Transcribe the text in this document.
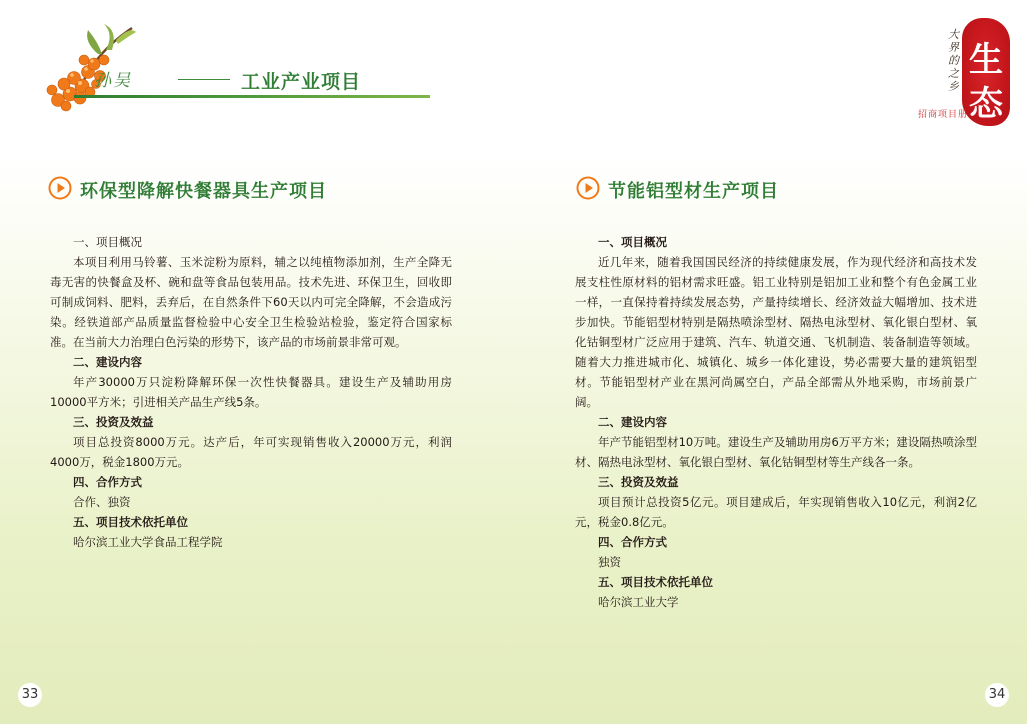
孙吴	工业产业项目
大界的之乡
生
态
招商项目册
环保型降解快餐器具生产项目

一、项目概况

本项目利用马铃薯、玉米淀粉为原料，辅之以纯植物添加剂，生产全降无毒无害的快餐盒及杯、碗和盘等食品包装用品。技术先进、环保卫生，回收即可制成饲料、肥料，丢弃后，在自然条件下60天以内可完全降解，不会造成污染。经铁道部产品质量监督检验中心安全卫生检验站检验，鉴定符合国家标准。在当前大力治理白色污染的形势下，该产品的市场前景非常可观。

二、建设内容

年产30000万只淀粉降解环保一次性快餐器具。建设生产及辅助用房10000平方米；引进相关产品生产线5条。

三、投资及效益

项目总投资8000万元。达产后，年可实现销售收入20000万元，利润4000万，税金1800万元。

四、合作方式

合作、独资

五、项目技术依托单位

哈尔滨工业大学食品工程学院

33
节能铝型材生产项目

一、项目概况

近几年来，随着我国国民经济的持续健康发展，作为现代经济和高技术发展支柱性原材料的铝材需求旺盛。铝工业特别是铝加工业和整个有色金属工业一样，一直保持着持续发展态势，产量持续增长、经济效益大幅增加、技术进步加快。节能铝型材特别是隔热喷涂型材、隔热电泳型材、氧化银白型材、氧化钴铜型材广泛应用于建筑、汽车、轨道交通、飞机制造、装备制造等领域。随着大力推进城市化、城镇化、城乡一体化建设，势必需要大量的建筑铝型材。节能铝型材产业在黑河尚属空白，产品全部需从外地采购，市场前景广阔。

二、建设内容

年产节能铝型材10万吨。建设生产及辅助用房6万平方米；建设隔热喷涂型材、隔热电泳型材、氧化银白型材、氧化钴铜型材等生产线各一条。

三、投资及效益

项目预计总投资5亿元。项目建成后，年实现销售收入10亿元，利润2亿元，税金0.8亿元。

四、合作方式

独资

五、项目技术依托单位

哈尔滨工业大学

34
